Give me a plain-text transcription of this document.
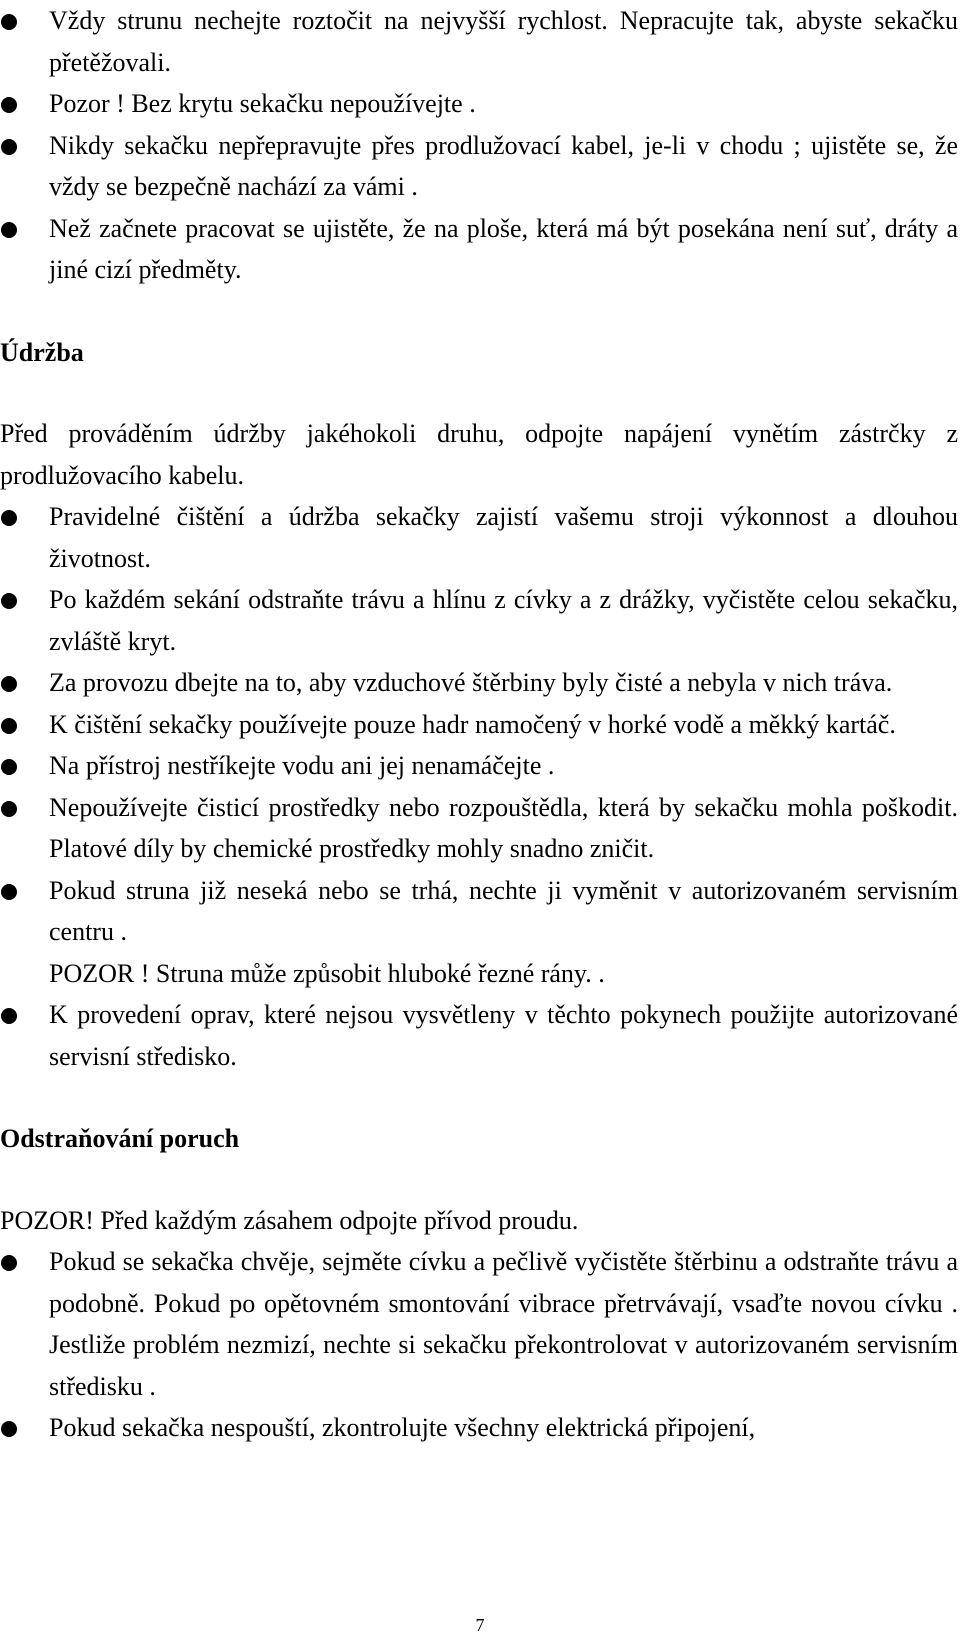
Vždy strunu nechejte roztočit na nejvyšší rychlost. Nepracujte tak, abyste sekačku přetěžovali.
Pozor ! Bez krytu sekačku nepoužívejte .
Nikdy sekačku nepřepravujte přes prodlužovací kabel, je-li v chodu ; ujistěte se, že vždy se bezpečně nachází za vámi .
Než začnete pracovat se ujistěte, že na ploše, která má být posekána není suť, dráty a jiné cizí předměty.
Údržba

Před prováděním údržby jakéhokoli druhu, odpojte napájení vynětím zástrčky z prodlužovacího kabelu.

Pravidelné čištění a údržba sekačky zajistí vašemu stroji výkonnost a dlouhou životnost.
Po každém sekání odstraňte trávu a hlínu z cívky a z drážky, vyčistěte celou sekačku, zvláště kryt.
Za provozu dbejte na to, aby vzduchové štěrbiny byly čisté a nebyla v nich tráva.
K čištění sekačky používejte pouze hadr namočený v horké vodě a měkký kartáč.
Na přístroj nestříkejte vodu ani jej nenamáčejte .
Nepoužívejte čisticí prostředky nebo rozpouštědla, která by sekačku mohla poškodit. Platové díly by chemické prostředky mohly snadno zničit.
Pokud struna již neseká nebo se trhá, nechte ji vyměnit v autorizovaném servisním centru .
POZOR ! Struna může způsobit hluboké řezné rány. .
K provedení oprav, které nejsou vysvětleny v těchto pokynech použijte autorizované servisní středisko.
Odstraňování poruch

POZOR! Před každým zásahem odpojte přívod proudu.

Pokud se sekačka chvěje, sejměte cívku a pečlivě vyčistěte štěrbinu a odstraňte trávu a podobně. Pokud po opětovném smontování vibrace přetrvávají, vsaďte novou cívku . Jestliže problém nezmizí, nechte si sekačku překontrolovat v autorizovaném servisním středisku .
Pokud sekačka nespouští, zkontrolujte všechny elektrická připojení,
7
